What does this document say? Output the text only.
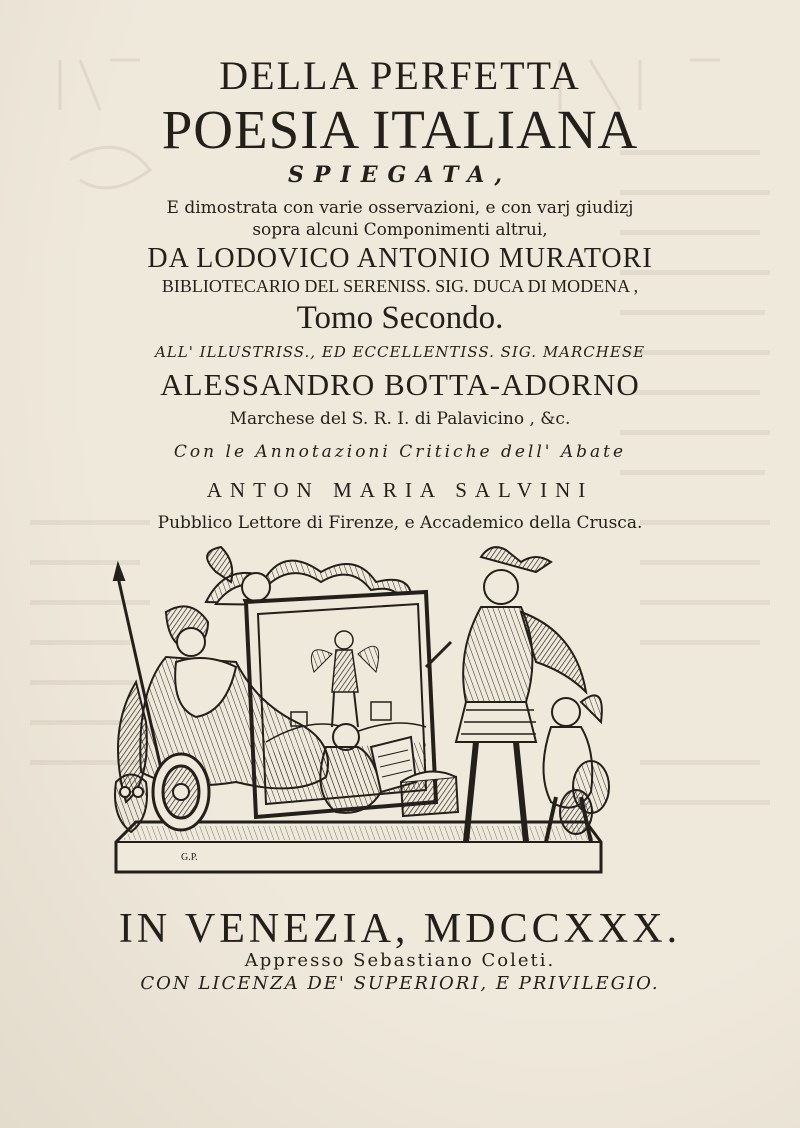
DELLA PERFETTA
POESIA ITALIANA
SPIEGATA,
E dimostrata con varie osservazioni, e con varj giudizj
sopra alcuni Componimenti altrui,
DA LODOVICO ANTONIO MURATORI
BIBLIOTECARIO DEL SERENISS. SIG. DUCA DI MODENA ,
Tomo Secondo.
ALL' ILLUSTRISS., ED ECCELLENTISS. SIG. MARCHESE
ALESSANDRO BOTTA-ADORNO
Marchese del S. R. I. di Palavicino , &c.
Con le Annotazioni Critiche dell' Abate
ANTON MARIA SALVINI
Pubblico Lettore di Firenze, e Accademico della Crusca.
G.P.
IN VENEZIA, MDCCXXX.
Appresso Sebastiano Coleti.
CON LICENZA DE' SUPERIORI, E PRIVILEGIO.
